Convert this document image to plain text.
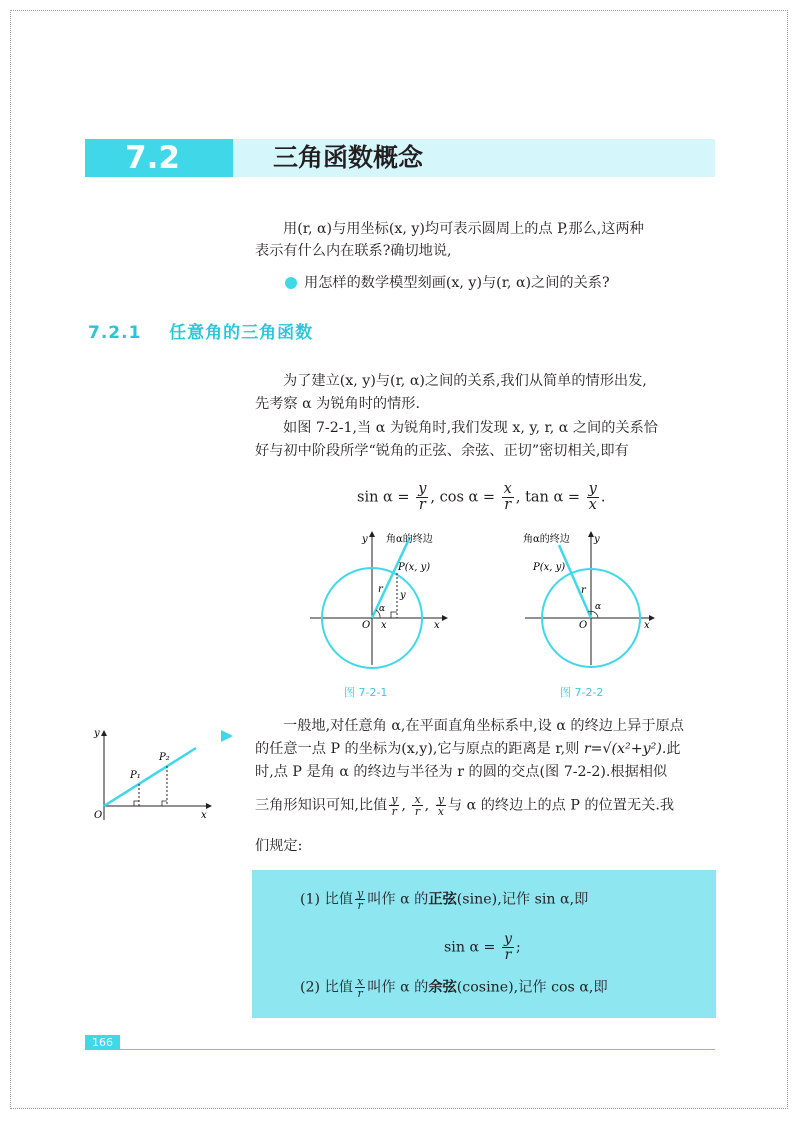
7.2	三角函数概念
用(r, α)与用坐标(x, y)均可表示圆周上的点 P,那么,这两种
表示有什么内在联系?确切地说,
用怎样的数学模型刻画(x, y)与(r, α)之间的关系?
7.2.1 任意角的三角函数
为了建立(x, y)与(r, α)之间的关系,我们从简单的情形出发,
先考察 α 为锐角时的情形.
如图 7-2-1,当 α 为锐角时,我们发现 x, y, r, α 之间的关系恰
好与初中阶段所学“锐角的正弦、余弦、正切”密切相关,即有
$\sin \alpha = \frac{y}{r}$ , $\cos \alpha = \frac{x}{r}$ , $\tan \alpha = \frac{y}{x}$ .
y 角α的终边
P(x, y)
r
y
α
O x	x
图 7-2-1
角α的终边 y
P(x, y)
r
α
O	x
图 7-2-2
y
P₁
P₂
O	x
一般地,对任意角 α,在平面直角坐标系中,设 α 的终边上异于原点
的任意一点 P 的坐标为(x,y),它与原点的距离是 r,则 r=√(x²+y²).此
时,点 P 是角 α 的终边与半径为 r 的圆的交点(图 7-2-2).根据相似
三角形知识可知,比值 $\frac{y}{r}$ , $\frac{x}{r}$ , $\frac{y}{x}$ 与 α 的终边上的点 P 的位置无关.我
们规定:
(1) 比值 $\frac{y}{r}$ 叫作 α 的正弦(sine),记作 sin α,即
$\sin \alpha = \frac{y}{r}$ ;
(2) 比值 $\frac{x}{r}$ 叫作 α 的余弦(cosine),记作 cos α,即
166
